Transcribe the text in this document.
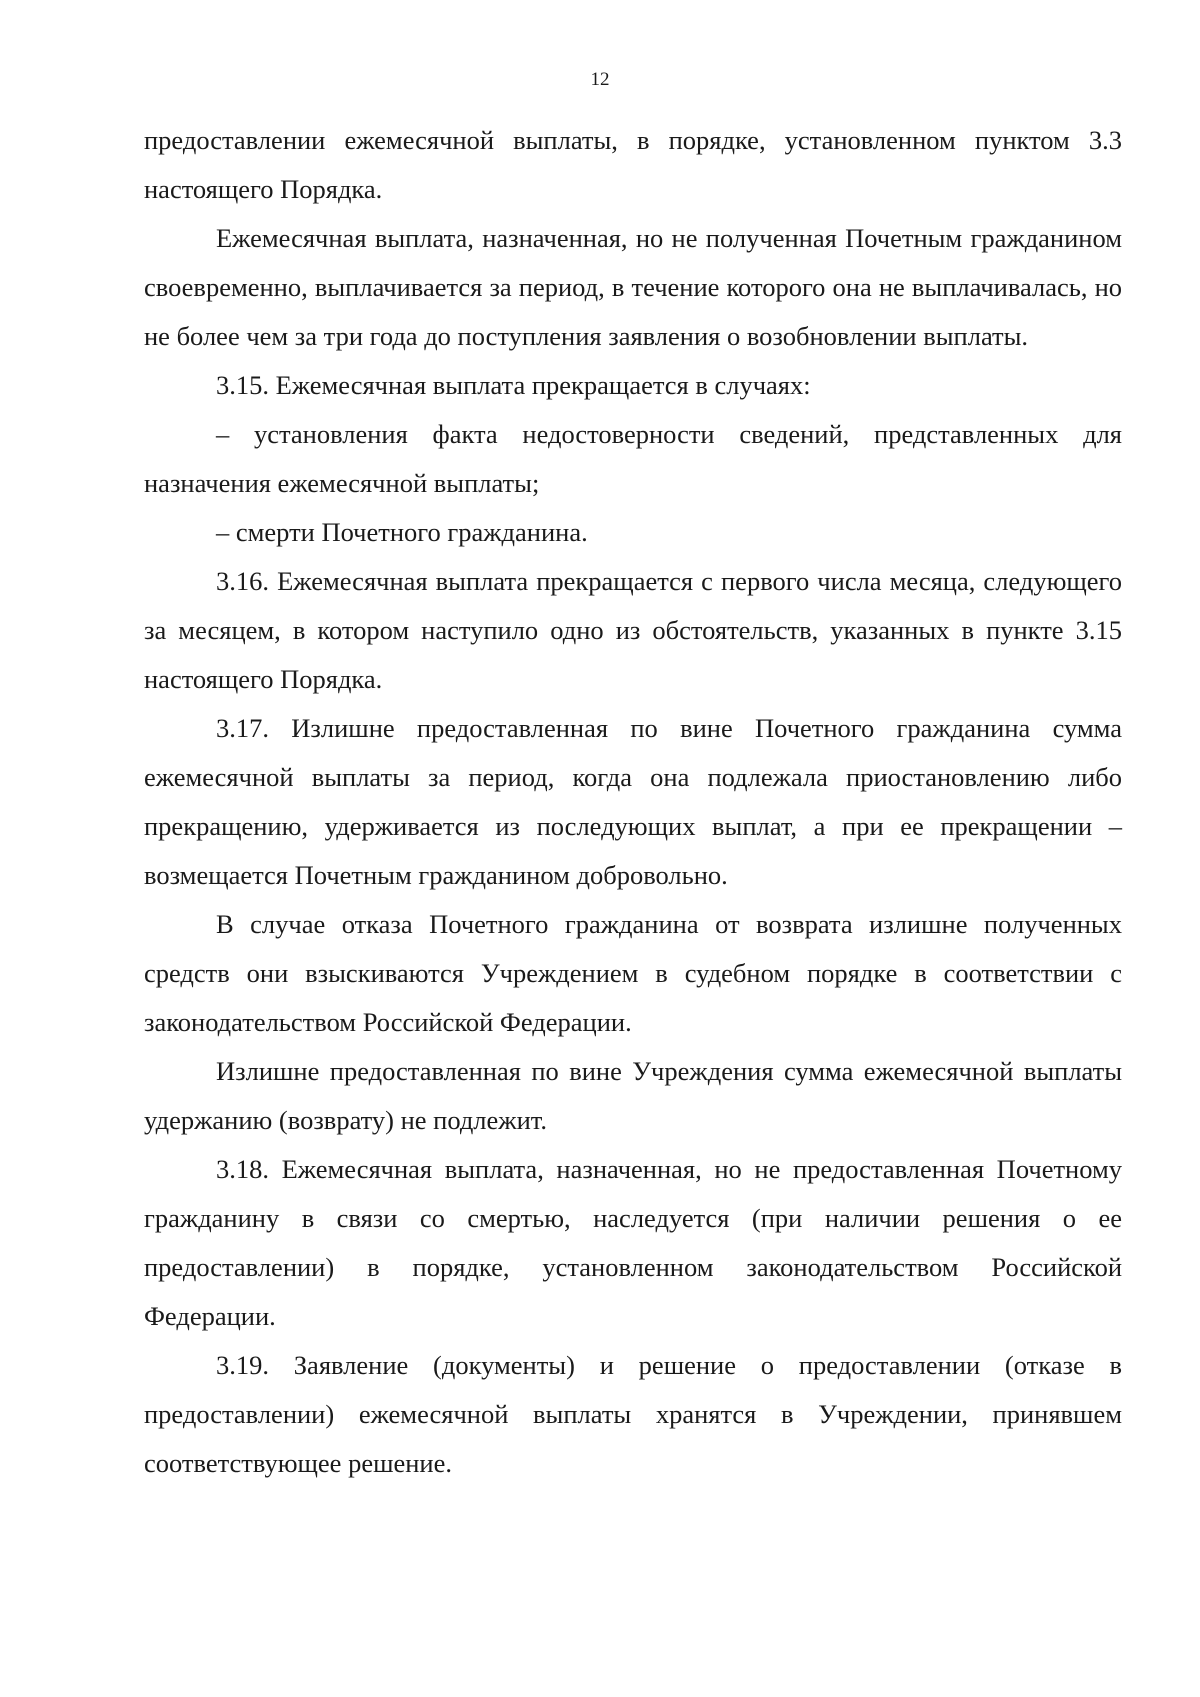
12

предоставлении ежемесячной выплаты, в порядке, установленном пунктом 3.3 настоящего Порядка.

Ежемесячная выплата, назначенная, но не полученная Почетным гражданином своевременно, выплачивается за период, в течение которого она не выплачивалась, но не более чем за три года до поступления заявления о возобновлении выплаты.

3.15. Ежемесячная выплата прекращается в случаях:

– установления факта недостоверности сведений, представленных для назначения ежемесячной выплаты;

– смерти Почетного гражданина.

3.16. Ежемесячная выплата прекращается с первого числа месяца, следующего за месяцем, в котором наступило одно из обстоятельств, указанных в пункте 3.15 настоящего Порядка.

3.17. Излишне предоставленная по вине Почетного гражданина сумма ежемесячной выплаты за период, когда она подлежала приостановлению либо прекращению, удерживается из последующих выплат, а при ее прекращении – возмещается Почетным гражданином добровольно.

В случае отказа Почетного гражданина от возврата излишне полученных средств они взыскиваются Учреждением в судебном порядке в соответствии с законодательством Российской Федерации.

Излишне предоставленная по вине Учреждения сумма ежемесячной выплаты удержанию (возврату) не подлежит.

3.18. Ежемесячная выплата, назначенная, но не предоставленная Почетному гражданину в связи со смертью, наследуется (при наличии решения о ее предоставлении) в порядке, установленном законодательством Российской Федерации.

3.19. Заявление (документы) и решение о предоставлении (отказе в предоставлении) ежемесячной выплаты хранятся в Учреждении, принявшем соответствующее решение.
